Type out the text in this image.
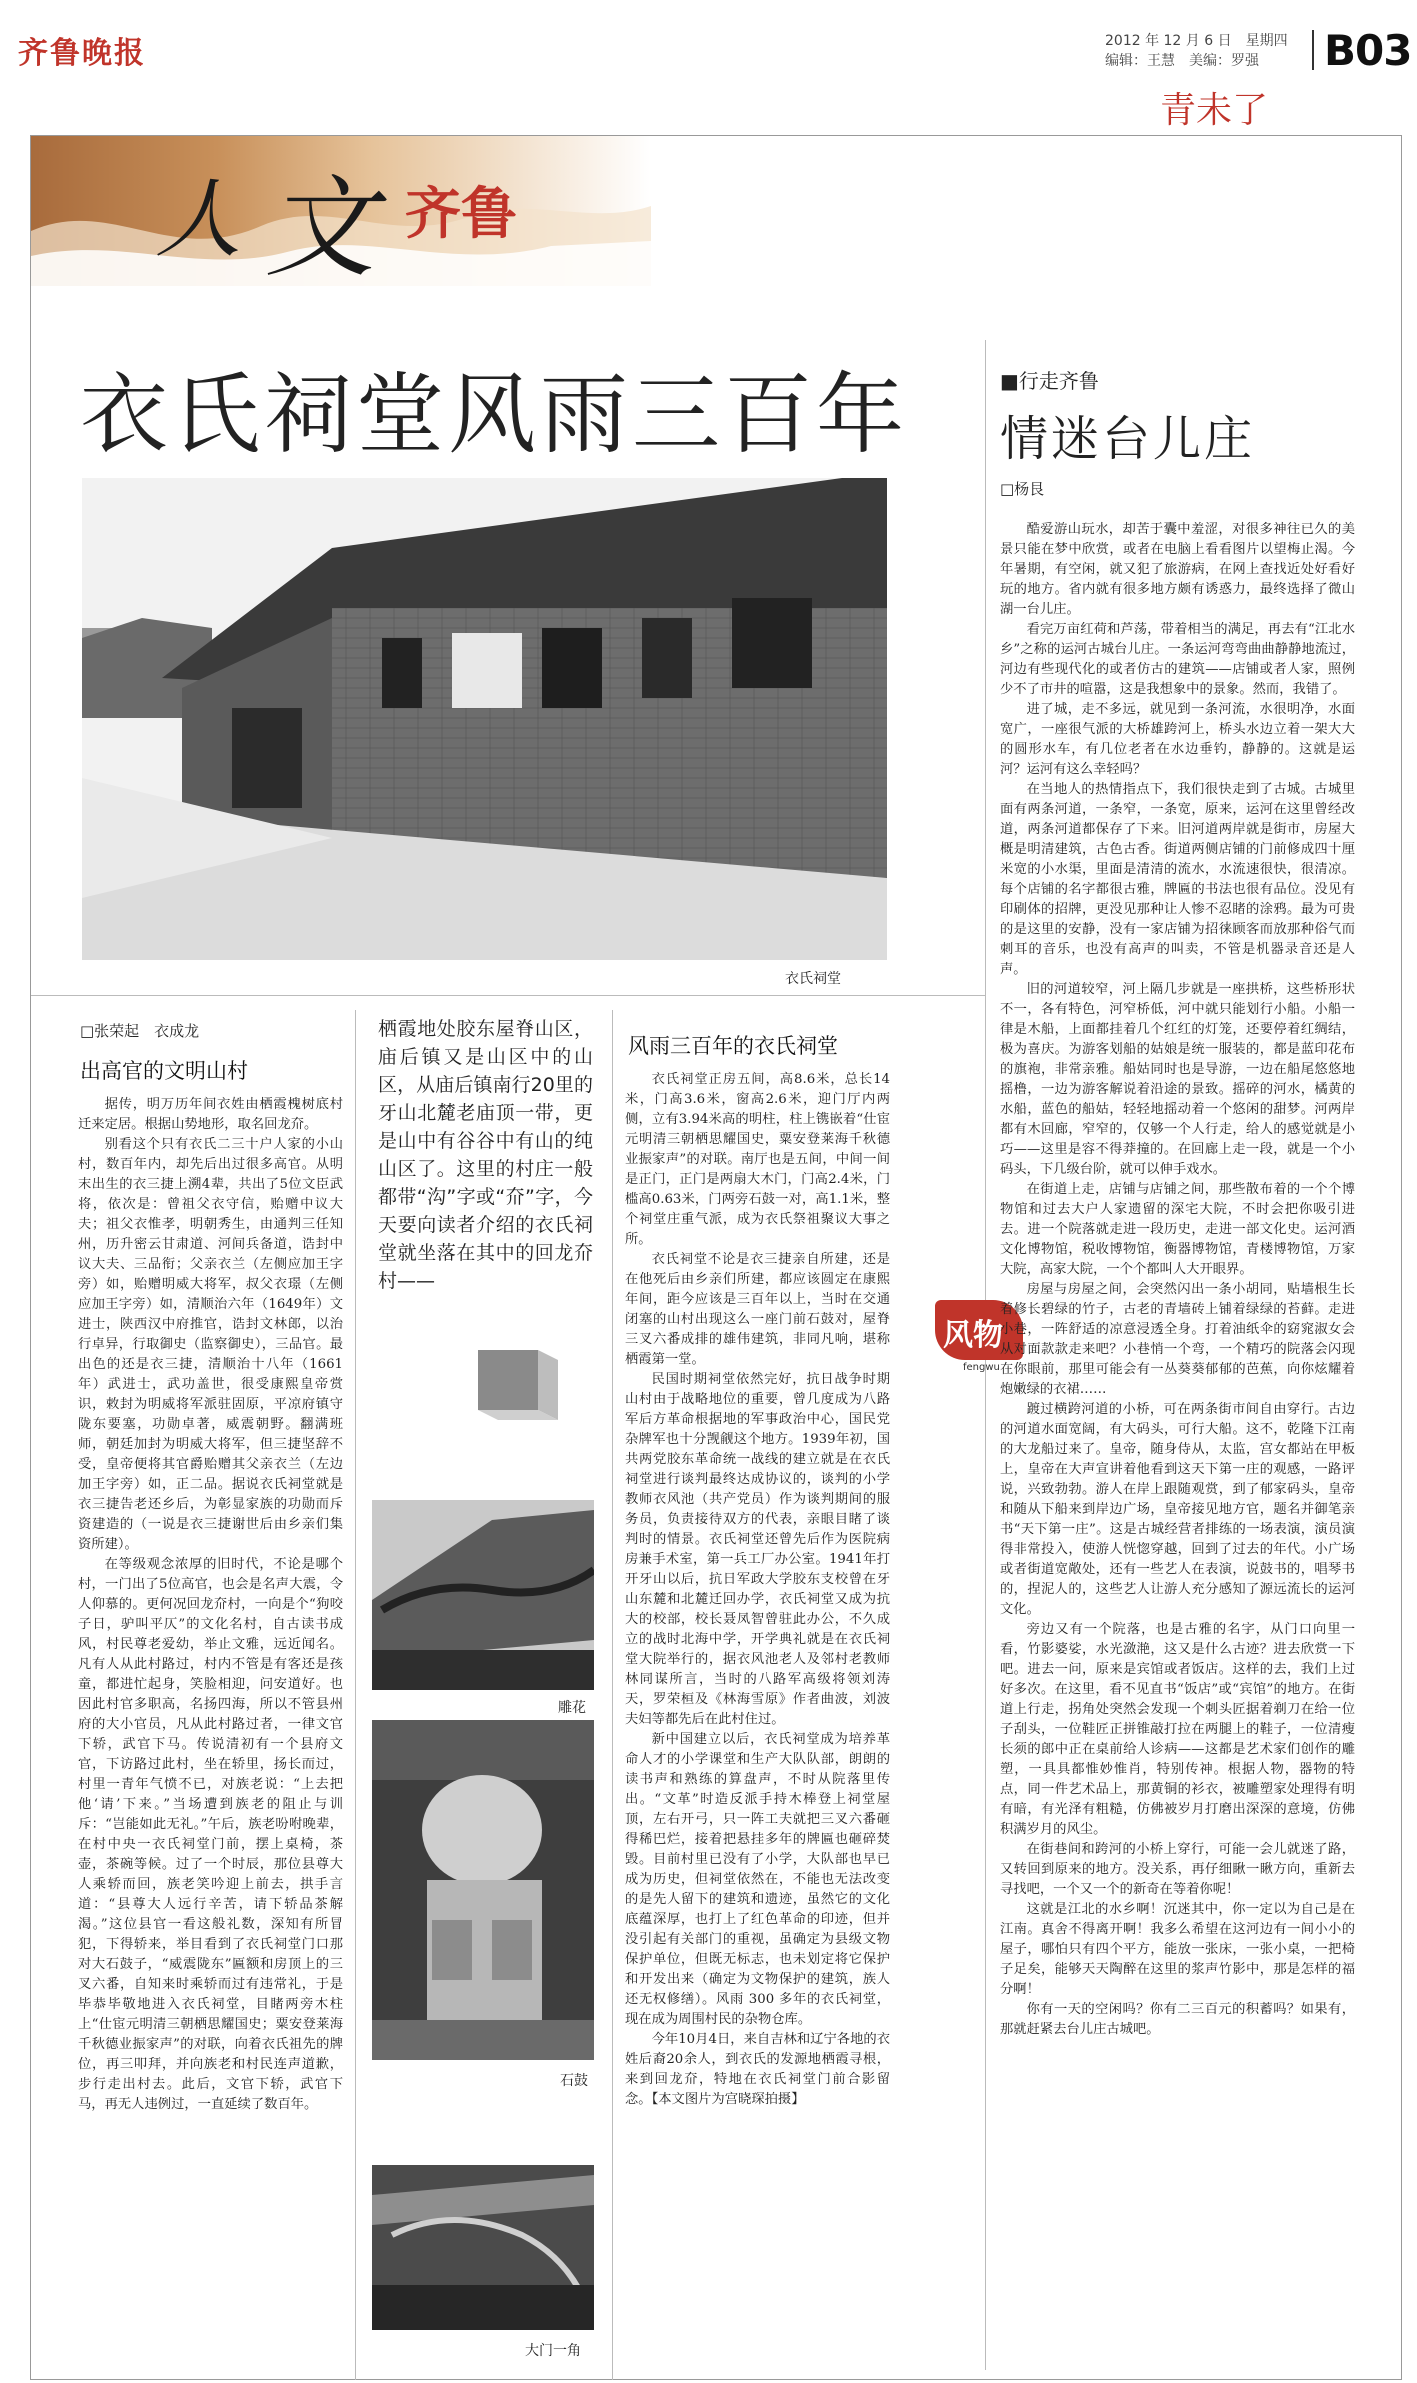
齐鲁晚报	2012 年 12 月 6 日　星期四
编辑：王慧　美编：罗强 B03
青未了
人 文 齐鲁
衣氏祠堂风雨三百年
衣氏祠堂
■行走齐鲁
情迷台儿庄
□杨艮
□张荣起　衣成龙
出高官的文明山村
栖霞地处胶东屋脊山区，庙后镇又是山区中的山区，从庙后镇南行20里的牙山北麓老庙顶一带，更是山中有谷谷中有山的纯山区了。这里的村庄一般都带“沟”字或“夼”字，今天要向读者介绍的衣氏祠堂就坐落在其中的回龙夼村——

据传，明万历年间衣姓由栖霞槐树底村迁来定居。根据山势地形，取名回龙夼。

别看这个只有衣氏二三十户人家的小山村，数百年内，却先后出过很多高官。从明末出生的衣三捷上溯4辈，共出了5位文臣武将，依次是：曾祖父衣守信，贻赠中议大夫；祖父衣惟孝，明朝秀生，由通判三任知州，历升密云甘肃道、河间兵备道，诰封中议大夫、三品衔；父亲衣兰（左侧应加王字旁）如，贻赠明威大将军，叔父衣璟（左侧应加王字旁）如，清顺治六年（1649年）文进士，陕西汉中府推官，诰封文林郎，以治行卓异，行取御史（监察御史），三品官。最出色的还是衣三捷，清顺治十八年（1661年）武进士，武功盖世，很受康熙皇帝赏识，敕封为明威将军派驻固原，平凉府镇守陇东要塞，功勋卓著，威震朝野。翻满班师，朝廷加封为明威大将军，但三捷坚辞不受，皇帝便将其官爵贻赠其父亲衣兰（左边加王字旁）如，正二品。据说衣氏祠堂就是衣三捷告老还乡后，为彰显家族的功勋而斥资建造的（一说是衣三捷谢世后由乡亲们集资所建）。

在等级观念浓厚的旧时代，不论是哪个村，一门出了5位高官，也会是名声大震，令人仰慕的。更何况回龙夼村，一向是个“狗咬子日，驴叫平仄”的文化名村，自古读书成风，村民尊老爱幼，举止文雅，远近闻名。凡有人从此村路过，村内不管是有客还是孩童，都进忙起身，笑脸相迎，问安道好。也因此村官多职高，名扬四海，所以不管县州府的大小官员，凡从此村路过者，一律文官下轿，武官下马。传说清初有一个县府文官，下访路过此村，坐在轿里，扬长而过，村里一青年气愤不已，对族老说：“上去把他‘请’下来。”当场遭到族老的阻止与训斥：“岂能如此无礼。”午后，族老吩咐晚辈，在村中央一衣氏祠堂门前，摆上桌椅，茶壶，茶碗等候。过了一个时辰，那位县尊大人乘轿而回，族老笑吟迎上前去，拱手言道：“县尊大人远行辛苦，请下轿品茶解渴。”这位县官一看这般礼数，深知有所冒犯，下得轿来，举目看到了衣氏祠堂门口那对大石鼓子，“威震陇东”匾额和房顶上的三叉六番，自知来时乘轿而过有违常礼，于是毕恭毕敬地进入衣氏祠堂，目睹两旁木柱上“仕宦元明清三朝栖思耀国史；粟安登莱海千秋德业振家声”的对联，向着衣氏祖先的牌位，再三叩拜，并向族老和村民连声道歉，步行走出村去。此后，文官下轿，武官下马，再无人违例过，一直延续了数百年。

雕花
石鼓
大门一角
风雨三百年的衣氏祠堂

衣氏祠堂正房五间，高8.6米，总长14米，门高3.6米，窗高2.6米，迎门厅内两侧，立有3.94米高的明柱，柱上镌嵌着“仕宦元明清三朝栖思耀国史，粟安登莱海千秋德业振家声”的对联。南厅也是五间，中间一间是正门，正门是两扇大木门，门高2.4米，门槛高0.63米，门两旁石鼓一对，高1.1米，整个祠堂庄重气派，成为衣氏祭祖聚议大事之所。

衣氏祠堂不论是衣三捷亲自所建，还是在他死后由乡亲们所建，都应该圆定在康熙年间，距今应该是三百年以上，当时在交通闭塞的山村出现这么一座门前石鼓对，屋脊三叉六番成排的雄伟建筑，非同凡响，堪称栖霞第一堂。

民国时期祠堂依然完好，抗日战争时期山村由于战略地位的重要，曾几度成为八路军后方革命根据地的军事政治中心，国民党杂牌军也十分觊觎这个地方。1939年初，国共两党胶东革命统一战线的建立就是在衣氏祠堂进行谈判最终达成协议的，谈判的小学教师衣风池（共产党员）作为谈判期间的服务员，负责接待双方的代表，亲眼目睹了谈判时的情景。衣氏祠堂还曾先后作为医院病房兼手术室，第一兵工厂办公室。1941年打开牙山以后，抗日军政大学胶东支校曾在牙山东麓和北麓迁回办学，衣氏祠堂又成为抗大的校部，校长聂凤智曾驻此办公，不久成立的战时北海中学，开学典礼就是在衣氏祠堂大院举行的，据衣风池老人及邻村老教师林同谋所言，当时的八路军高级将领刘涛天，罗荣桓及《林海雪原》作者曲波，刘波夫妇等都先后在此村住过。

新中国建立以后，衣氏祠堂成为培养革命人才的小学课堂和生产大队队部，朗朗的读书声和熟练的算盘声，不时从院落里传出。“文革”时造反派手持木棒登上祠堂屋顶，左右开弓，只一阵工夫就把三叉六番砸得稀巴烂，接着把悬挂多年的牌匾也砸碎焚毁。目前村里已没有了小学，大队部也早已成为历史，但祠堂依然在，不能也无法改变的是先人留下的建筑和遗迹，虽然它的文化底蕴深厚，也打上了红色革命的印迹，但并没引起有关部门的重视，虽确定为县级文物保护单位，但既无标志，也未划定将它保护和开发出来（确定为文物保护的建筑，族人还无权修缮）。风雨 300 多年的衣氏祠堂，现在成为周围村民的杂物仓库。

今年10月4日，来自吉林和辽宁各地的衣姓后裔20余人，到衣氏的发源地栖霞寻根，来到回龙夼，特地在衣氏祠堂门前合影留念。【本文图片为宫晓琛拍摄】

风物
fengwu

酷爱游山玩水，却苦于囊中羞涩，对很多神往已久的美景只能在梦中欣赏，或者在电脑上看看图片以望梅止渴。今年暑期，有空闲，就又犯了旅游病，在网上查找近处好看好玩的地方。省内就有很多地方颇有诱惑力，最终选择了微山湖一台儿庄。

看完万亩红荷和芦荡，带着相当的满足，再去有“江北水乡”之称的运河古城台儿庄。一条运河弯弯曲曲静静地流过，河边有些现代化的或者仿古的建筑——店铺或者人家，照例少不了市井的喧嚣，这是我想象中的景象。然而，我错了。

进了城，走不多远，就见到一条河流，水很明净，水面宽广，一座很气派的大桥雄跨河上，桥头水边立着一架大大的圆形水车，有几位老者在水边垂钓，静静的。这就是运河？运河有这么幸轻吗？

在当地人的热情指点下，我们很快走到了古城。古城里面有两条河道，一条窄，一条宽，原来，运河在这里曾经改道，两条河道都保存了下来。旧河道两岸就是街市，房屋大概是明清建筑，古色古香。街道两侧店铺的门前修成四十厘米宽的小水渠，里面是清清的流水，水流速很快，很清凉。每个店铺的名字都很古雅，牌匾的书法也很有品位。没见有印刷体的招牌，更没见那种让人惨不忍睹的涂鸦。最为可贵的是这里的安静，没有一家店铺为招徕顾客而放那种俗气而刺耳的音乐，也没有高声的叫卖，不管是机器录音还是人声。

旧的河道较窄，河上隔几步就是一座拱桥，这些桥形状不一，各有特色，河窄桥低，河中就只能划行小船。小船一律是木船，上面都挂着几个红红的灯笼，还要停着红绸结，极为喜庆。为游客划船的姑娘是统一服装的，都是蓝印花布的旗袍，非常亲雅。船姑同时也是导游，一边在船尾悠悠地摇橹，一边为游客解说着沿途的景致。摇碎的河水，橘黄的水船，蓝色的船姑，轻轻地摇动着一个悠闲的甜梦。河两岸都有木回廊，窄窄的，仅够一个人行走，给人的感觉就是小巧——这里是容不得莽撞的。在回廊上走一段，就是一个小码头，下几级台阶，就可以伸手戏水。

在街道上走，店铺与店铺之间，那些散布着的一个个博物馆和过去大户人家遗留的深宅大院，不时会把你吸引进去。进一个院落就走进一段历史，走进一部文化史。运河酒文化博物馆，税收博物馆，衡器博物馆，青楼博物馆，万家大院，高家大院，一个个都叫人大开眼界。

房屋与房屋之间，会突然闪出一条小胡同，贴墙根生长着修长碧绿的竹子，古老的青墙砖上铺着绿绿的苔藓。走进小巷，一阵舒适的凉意浸透全身。打着油纸伞的窈窕淑女会从对面款款走来吧？小巷悄一个弯，一个精巧的院落会闪现在你眼前，那里可能会有一丛葵葵郁郁的芭蕉，向你炫耀着炮嫩绿的衣裙……

踱过横跨河道的小桥，可在两条街市间自由穿行。古边的河道水面宽阔，有大码头，可行大船。这不，乾隆下江南的大龙船过来了。皇帝，随身侍从，太监，宫女都站在甲板上，皇帝在大声宣讲着他看到这天下第一庄的观感，一路评说，兴致勃勃。游人在岸上跟随观赏，到了郁家码头，皇帝和随从下船来到岸边广场，皇帝接见地方官，题名并御笔亲书“天下第一庄”。这是古城经营者排练的一场表演，演员演得非常投入，使游人恍惚穿越，回到了过去的年代。小广场或者街道宽敞处，还有一些艺人在表演，说鼓书的，唱琴书的，捏泥人的，这些艺人让游人充分感知了源远流长的运河文化。

旁边又有一个院落，也是古雅的名字，从门口向里一看，竹影婆娑，水光潋滟，这又是什么古迹？进去欣赏一下吧。进去一问，原来是宾馆或者饭店。这样的去，我们上过好多次。在这里，看不见直书“饭店”或“宾馆”的地方。在街道上行走，拐角处突然会发现一个刺头匠据着剃刀在给一位子刮头，一位鞋匠正拼锥敲打拉在两腿上的鞋子，一位清瘦长须的郎中正在桌前给人诊病——这都是艺术家们创作的雕塑，一具具都惟妙惟肖，特别传神。根据人物，器物的特点，同一件艺术品上，那黄铜的衫衣，被雕塑家处理得有明有暗，有光泽有粗糙，仿佛被岁月打磨出深深的意境，仿佛积满岁月的风尘。

在街巷间和跨河的小桥上穿行，可能一会儿就迷了路，又转回到原来的地方。没关系，再仔细瞅一瞅方向，重新去寻找吧，一个又一个的新奇在等着你呢！

这就是江北的水乡啊！沉迷其中，你一定以为自己是在江南。真舍不得离开啊！我多么希望在这河边有一间小小的屋子，哪怕只有四个平方，能放一张床，一张小桌，一把椅子足矣，能够天天陶醉在这里的浆声竹影中，那是怎样的福分啊！

你有一天的空闲吗？你有二三百元的积蓄吗？如果有，那就赶紧去台儿庄古城吧。
